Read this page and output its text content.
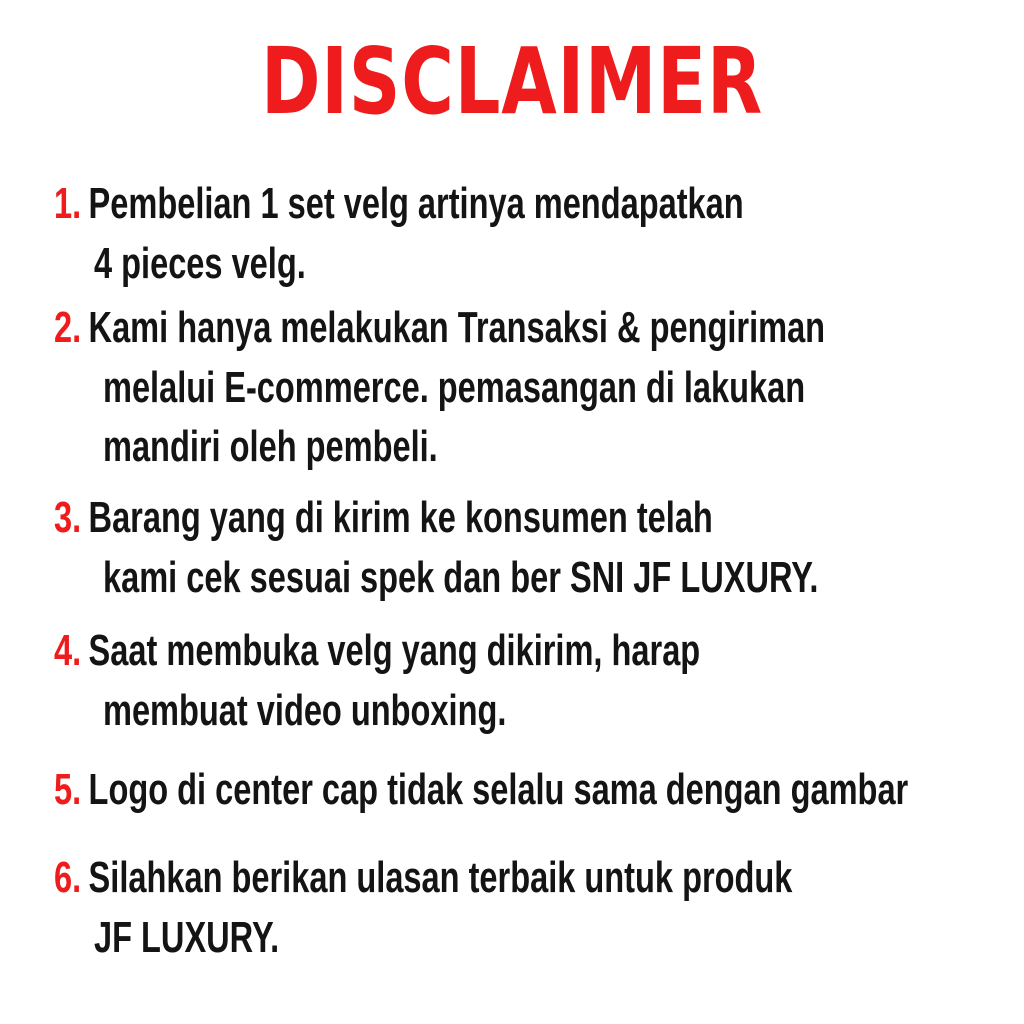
DISCLAIMER
1. Pembelian 1 set velg artinya mendapatkan
4 pieces velg.
2. Kami hanya melakukan Transaksi & pengiriman
melalui E-commerce. pemasangan di lakukan
mandiri oleh pembeli.
3. Barang yang di kirim ke konsumen telah
kami cek sesuai spek dan ber SNI JF LUXURY.
4. Saat membuka velg yang dikirim, harap
membuat video unboxing.
5. Logo di center cap tidak selalu sama dengan gambar
6. Silahkan berikan ulasan terbaik untuk produk
JF LUXURY.
